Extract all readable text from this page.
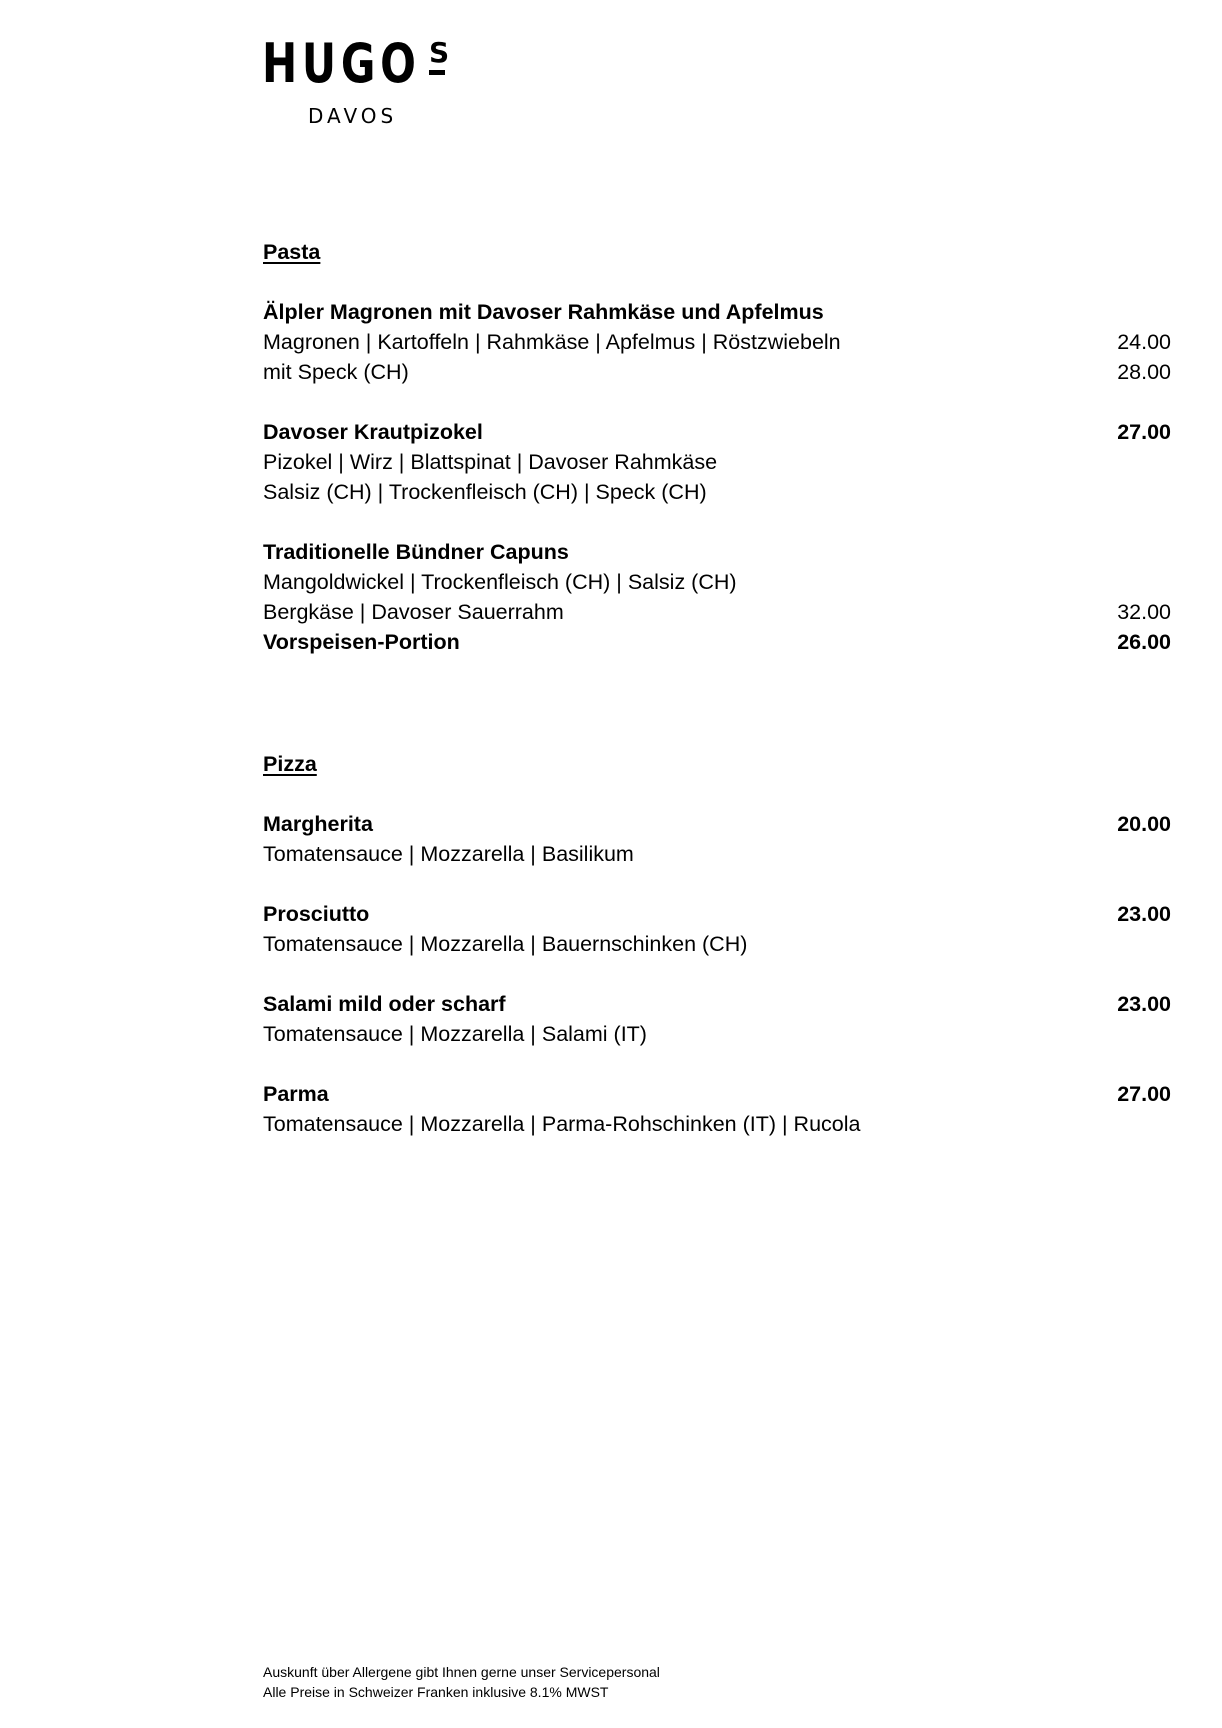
HUGO S
DAVOS
Pasta
Älpler Magronen mit Davoser Rahmkäse und Apfelmus
Magronen | Kartoffeln | Rahmkäse | Apfelmus | Röstzwiebeln	24.00
mit Speck (CH)	28.00
Davoser Krautpizokel	27.00
Pizokel | Wirz | Blattspinat | Davoser Rahmkäse
Salsiz (CH) | Trockenfleisch (CH) | Speck (CH)
Traditionelle Bündner Capuns
Mangoldwickel | Trockenfleisch (CH) | Salsiz (CH)
Bergkäse | Davoser Sauerrahm	32.00
Vorspeisen-Portion	26.00
Pizza
Margherita	20.00
Tomatensauce | Mozzarella | Basilikum
Prosciutto	23.00
Tomatensauce | Mozzarella | Bauernschinken (CH)
Salami mild oder scharf	23.00
Tomatensauce | Mozzarella | Salami (IT)
Parma	27.00
Tomatensauce | Mozzarella | Parma-Rohschinken (IT) | Rucola
Auskunft über Allergene gibt Ihnen gerne unser Servicepersonal
Alle Preise in Schweizer Franken inklusive 8.1% MWST
